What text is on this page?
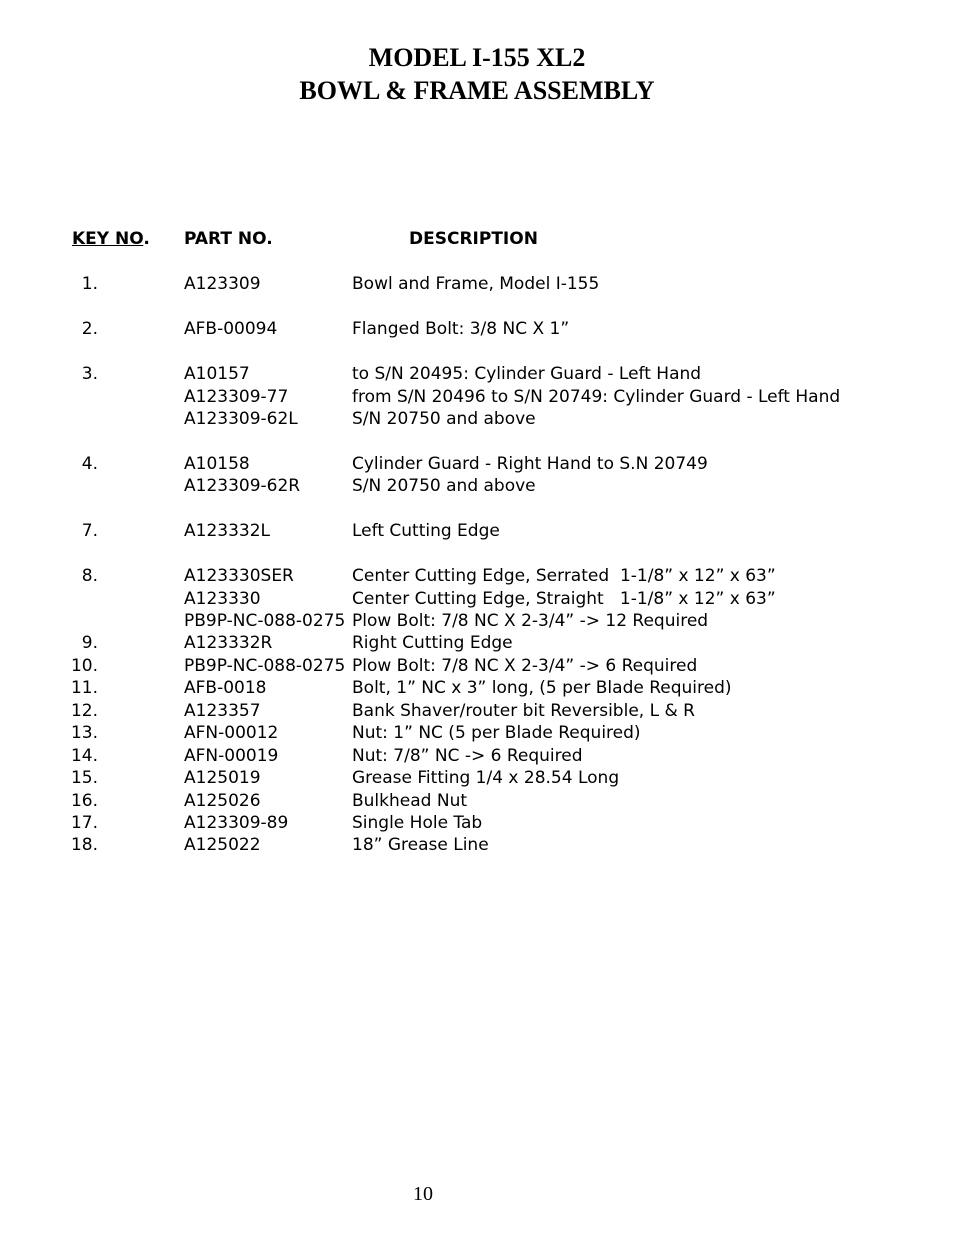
MODEL I-155 XL2
BOWL & FRAME ASSEMBLY
KEY NO. PART NO.	DESCRIPTION
1.	A123309	Bowl and Frame, Model I-155
2.	AFB-00094	Flanged Bolt: 3/8 NC X 1”
3.	A10157	to S/N 20495: Cylinder Guard - Left Hand
A123309-77	from S/N 20496 to S/N 20749: Cylinder Guard - Left Hand
A123309-62L	S/N 20750 and above
4.	A10158	Cylinder Guard - Right Hand to S.N 20749
A123309-62R	S/N 20750 and above
7.	A123332L	Left Cutting Edge
8.	A123330SER	Center Cutting Edge, Serrated  1-1/8” x 12” x 63”
A123330	Center Cutting Edge, Straight   1-1/8” x 12” x 63”
PB9P-NC-088-0275 Plow Bolt: 7/8 NC X 2-3/4” -> 12 Required
9.	A123332R	Right Cutting Edge
10.	PB9P-NC-088-0275 Plow Bolt: 7/8 NC X 2-3/4” -> 6 Required
11.	AFB-0018	Bolt, 1” NC x 3” long, (5 per Blade Required)
12.	A123357	Bank Shaver/router bit Reversible, L & R
13.	AFN-00012	Nut: 1” NC (5 per Blade Required)
14.	AFN-00019	Nut: 7/8” NC -> 6 Required
15.	A125019	Grease Fitting 1/4 x 28.54 Long
16.	A125026	Bulkhead Nut
17.	A123309-89	Single Hole Tab
18.	A125022	18” Grease Line
10
